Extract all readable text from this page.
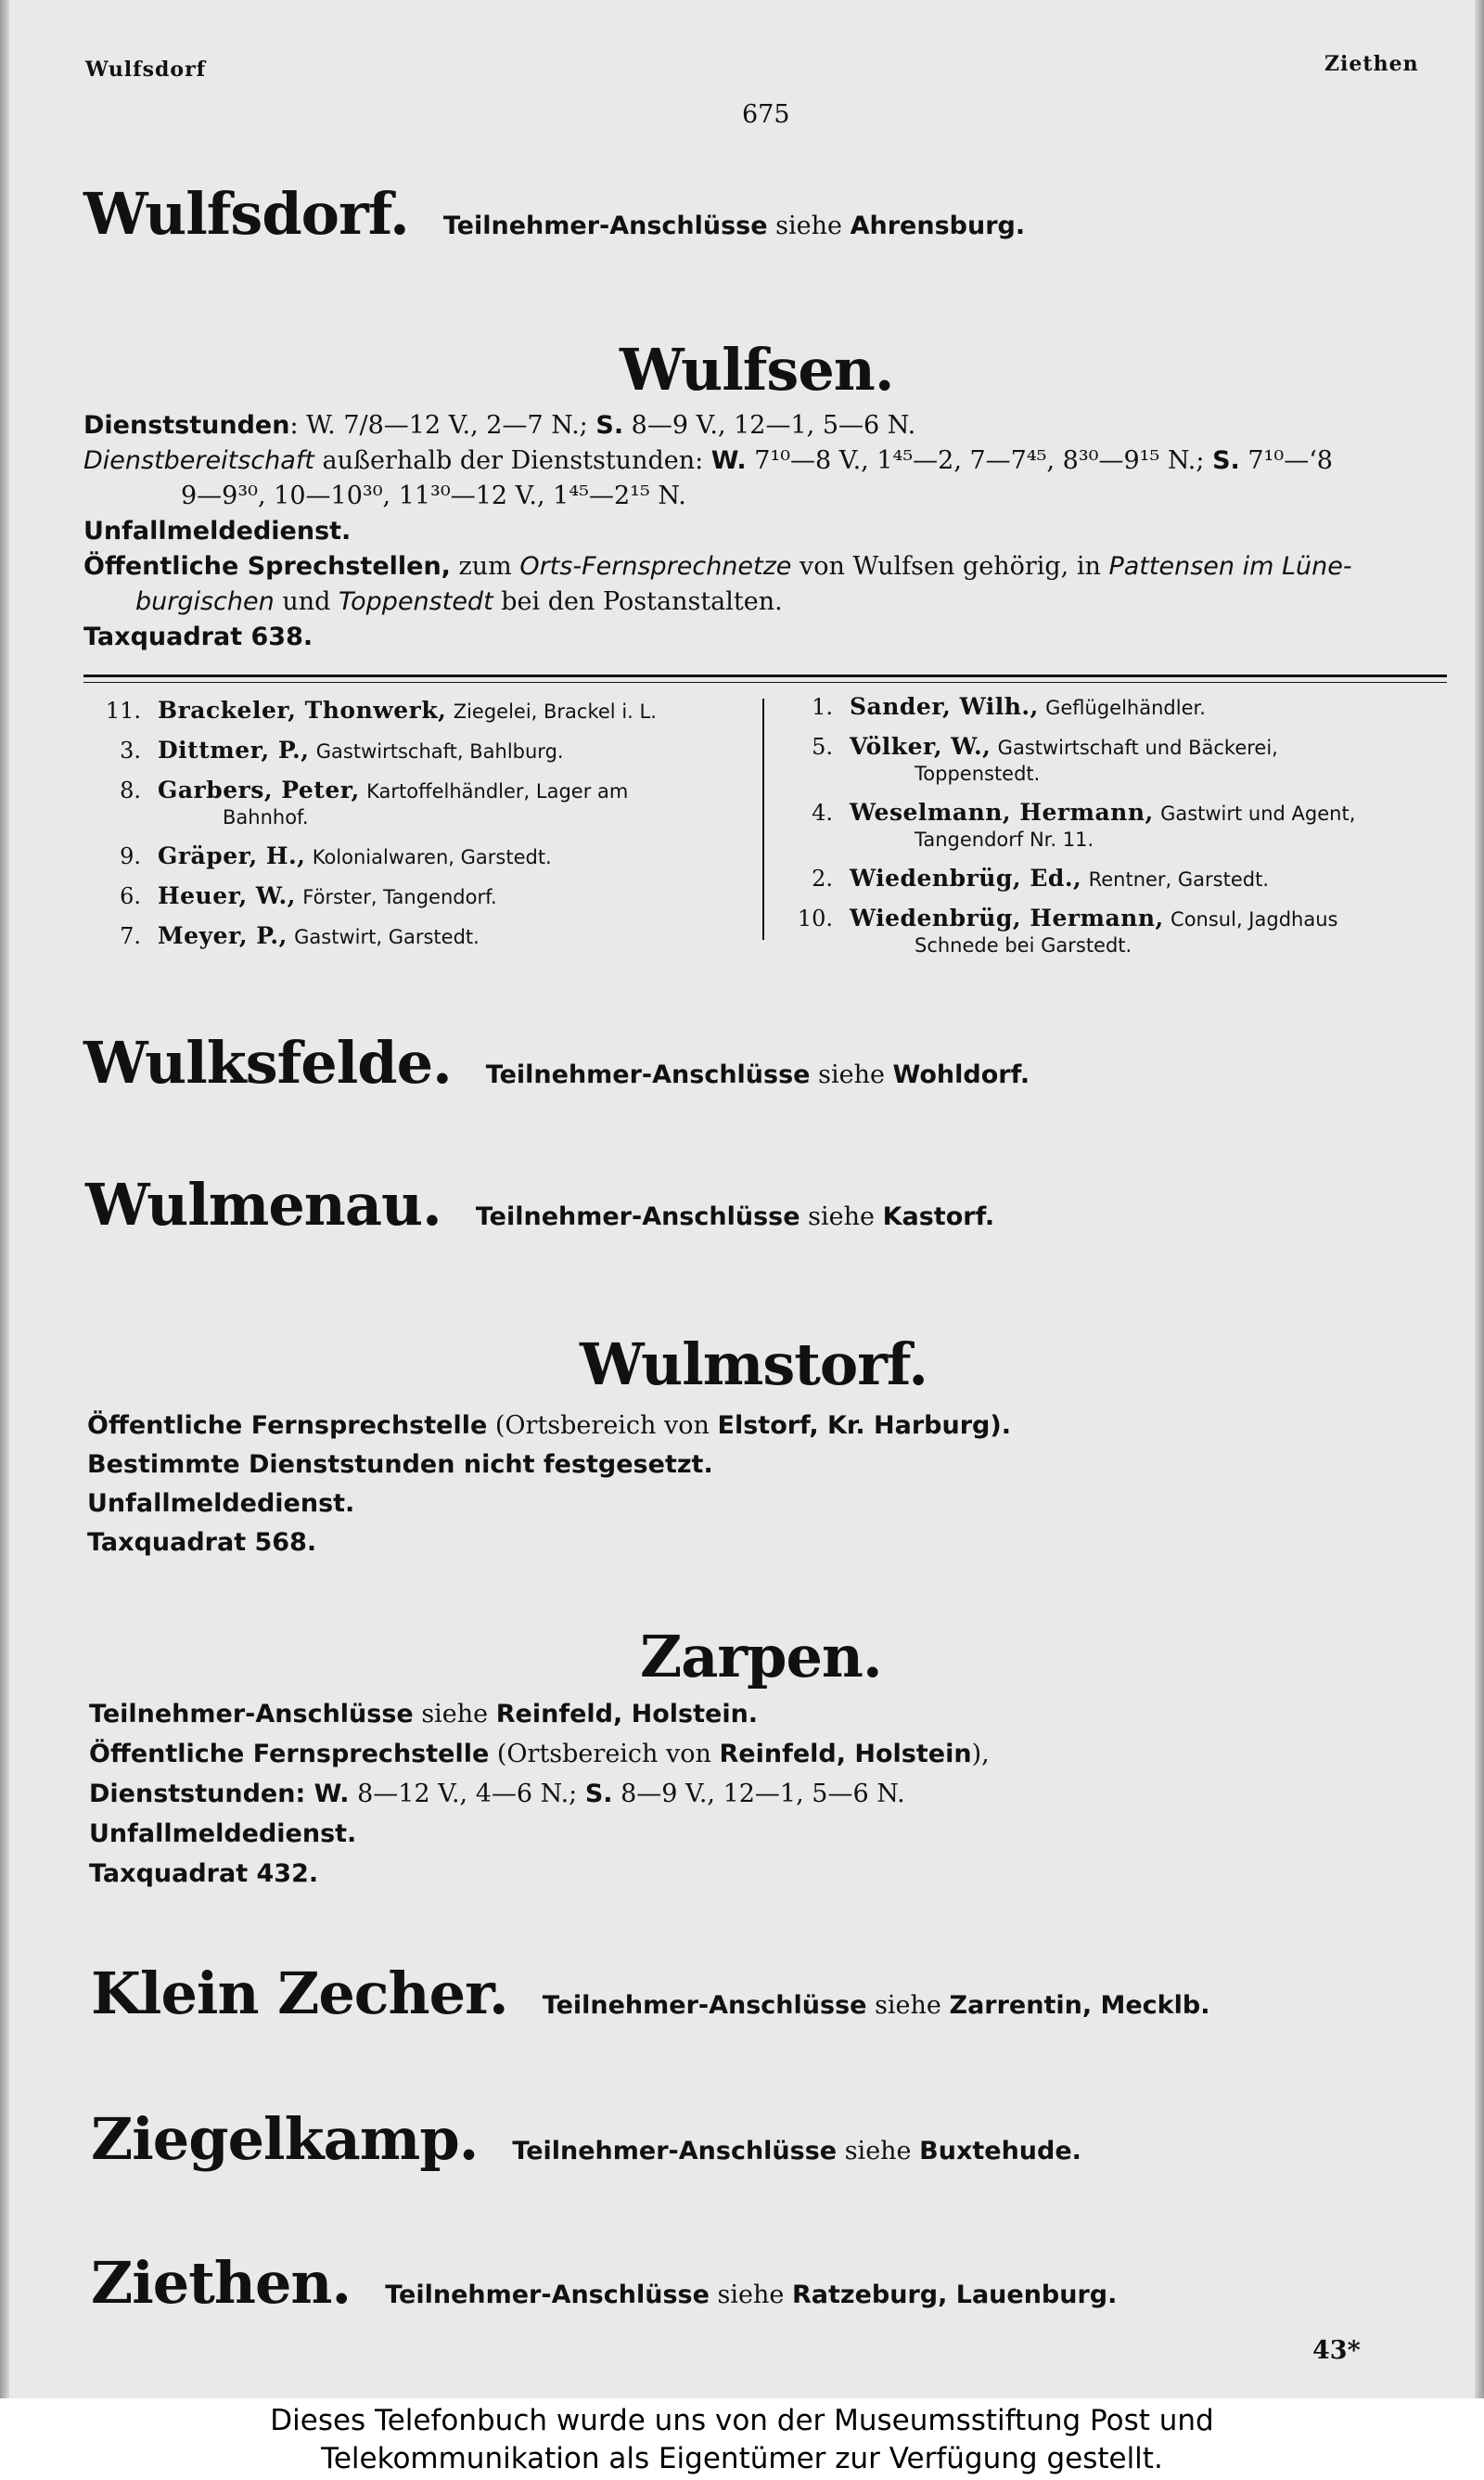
Wulfsdorf
675
Ziethen
Wulfsdorf. Teilnehmer-Anschlüsse siehe Ahrensburg.
Wulfsen.

Dienststunden: W. 7/8—12 V., 2—7 N.; S. 8—9 V., 12—1, 5—6 N.

Dienstbereitschaft außerhalb der Dienststunden: W. 7¹⁰—8 V., 1⁴⁵—2, 7—7⁴⁵, 8³⁰—9¹⁵ N.; S. 7¹⁰—‘8

9—9³⁰, 10—10³⁰, 11³⁰—12 V., 1⁴⁵—2¹⁵ N.

Unfallmeldedienst.

Öffentliche Sprechstellen, zum Orts-Fernsprechnetze von Wulfsen gehörig, in Pattensen im Lüne-

burgischen und Toppenstedt bei den Postanstalten.

Taxquadrat 638.

11. Brackeler, Thonwerk, Ziegelei, Brackel i. L.
3. Dittmer, P., Gastwirtschaft, Bahlburg.
8. Garbers, Peter, Kartoffelhändler, Lager am
Bahnhof.
9. Gräper, H., Kolonialwaren, Garstedt.
6. Heuer, W., Förster, Tangendorf.
7. Meyer, P., Gastwirt, Garstedt.
1. Sander, Wilh., Geflügelhändler.
5. Völker, W., Gastwirtschaft und Bäckerei,
Toppenstedt.
4. Weselmann, Hermann, Gastwirt und Agent,
Tangendorf Nr. 11.
2. Wiedenbrüg, Ed., Rentner, Garstedt.
10. Wiedenbrüg, Hermann, Consul, Jagdhaus
Schnede bei Garstedt.
Wulksfelde. Teilnehmer-Anschlüsse siehe Wohldorf.
Wulmenau. Teilnehmer-Anschlüsse siehe Kastorf.
Wulmstorf.

Öffentliche Fernsprechstelle (Ortsbereich von Elstorf, Kr. Harburg).

Bestimmte Dienststunden nicht festgesetzt.

Unfallmeldedienst.

Taxquadrat 568.

Zarpen.

Teilnehmer-Anschlüsse siehe Reinfeld, Holstein.

Öffentliche Fernsprechstelle (Ortsbereich von Reinfeld, Holstein),

Dienststunden: W. 8—12 V., 4—6 N.; S. 8—9 V., 12—1, 5—6 N.

Unfallmeldedienst.

Taxquadrat 432.

Klein Zecher. Teilnehmer-Anschlüsse siehe Zarrentin, Mecklb.
Ziegelkamp. Teilnehmer-Anschlüsse siehe Buxtehude.
Ziethen. Teilnehmer-Anschlüsse siehe Ratzeburg, Lauenburg.
43*
Dieses Telefonbuch wurde uns von der Museumsstiftung Post und
Telekommunikation als Eigentümer zur Verfügung gestellt.
